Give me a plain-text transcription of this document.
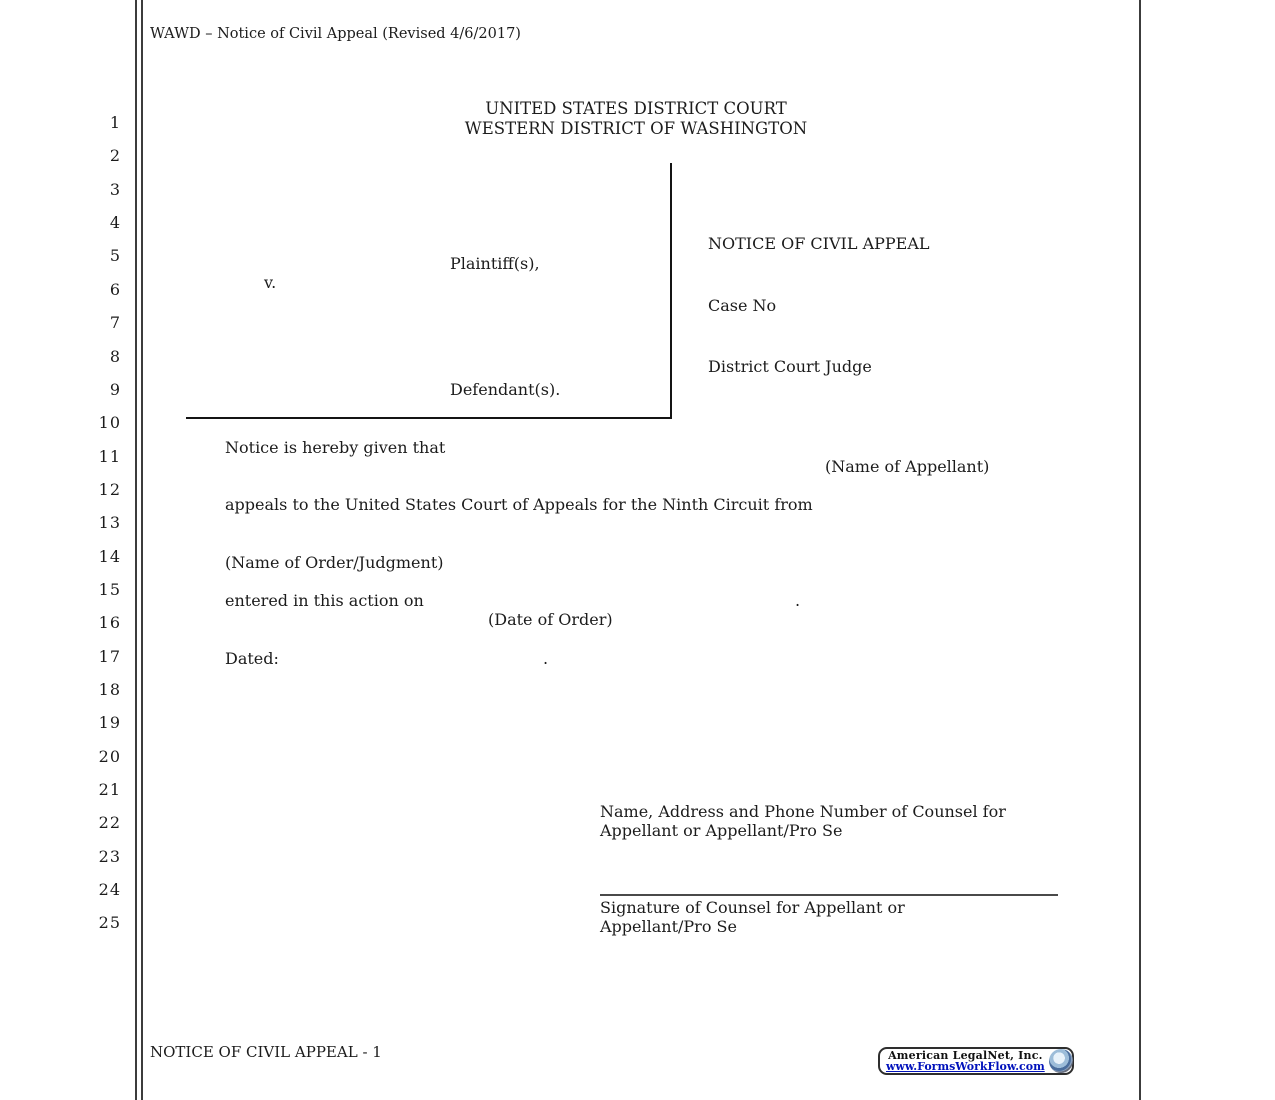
1
2
3
4
5
6
7
8
9
10
11
12
13
14
15
16
17
18
19
20
21
22
23
24
25
WAWD – Notice of Civil Appeal (Revised 4/6/2017)
UNITED STATES DISTRICT COURT
WESTERN DISTRICT OF WASHINGTON
Plaintiff(s),
v.
Defendant(s).
NOTICE OF CIVIL APPEAL
Case No
District Court Judge
Notice is hereby given that
(Name of Appellant)
appeals to the United States Court of Appeals for the Ninth Circuit from
(Name of Order/Judgment)
entered in this action on	.
(Date of Order)
Dated:	.
Name, Address and Phone Number of Counsel for
Appellant or Appellant/Pro Se
Signature of Counsel for Appellant or
Appellant/Pro Se
NOTICE OF CIVIL APPEAL - 1	American LegalNet, Inc.
www.FormsWorkFlow.com
